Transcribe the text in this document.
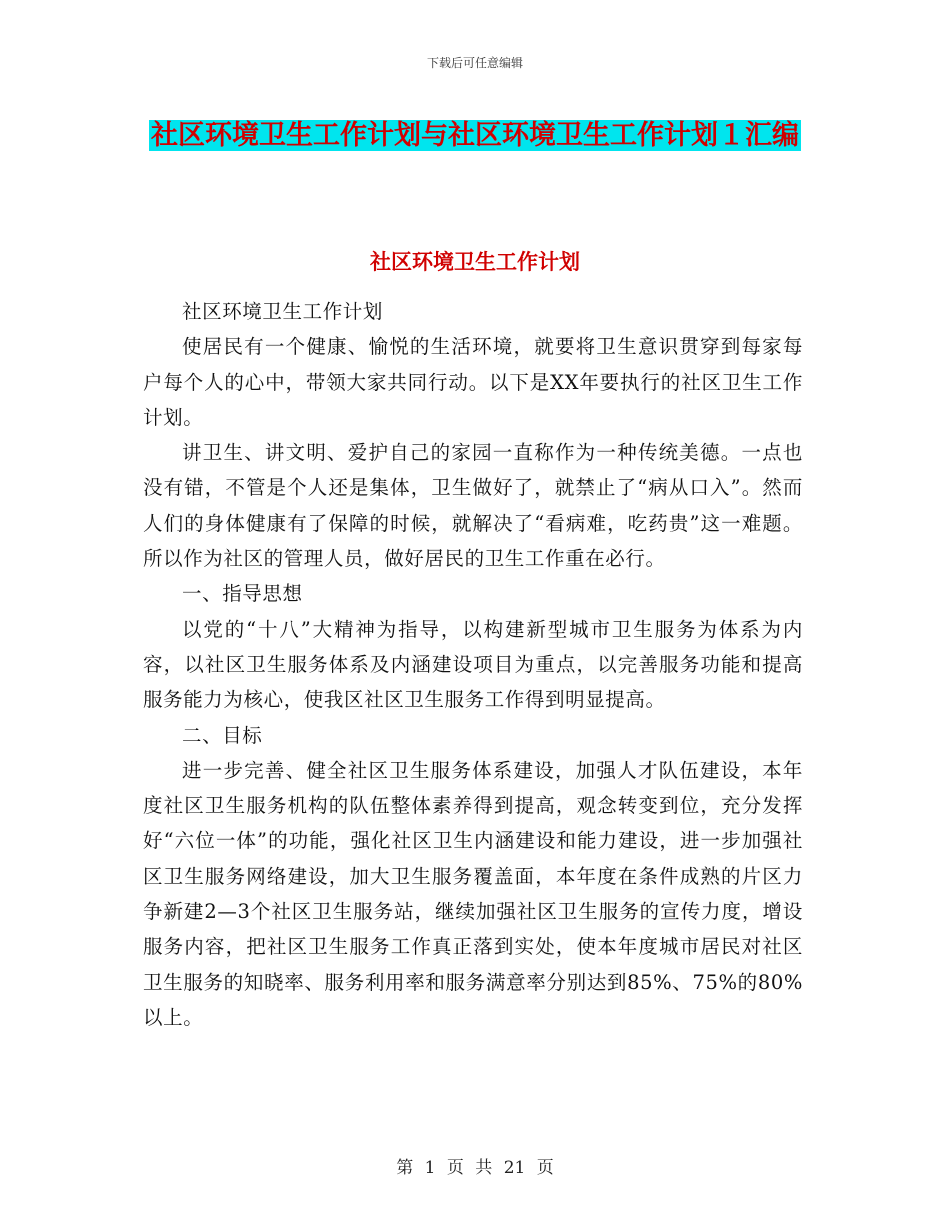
下载后可任意编辑
社区环境卫生工作计划与社区环境卫生工作计划１汇编
社区环境卫生工作计划

社区环境卫生工作计划

使居民有一个健康、愉悦的生活环境，就要将卫生意识贯穿到每家每户每个人的心中，带领大家共同行动。以下是XX年要执行的社区卫生工作计划。

讲卫生、讲文明、爱护自己的家园一直称作为一种传统美德。一点也没有错，不管是个人还是集体，卫生做好了，就禁止了“病从口入”。然而人们的身体健康有了保障的时候，就解决了“看病难，吃药贵”这一难题。所以作为社区的管理人员，做好居民的卫生工作重在必行。

一、指导思想

以党的“十八”大精神为指导，以构建新型城市卫生服务为体系为内容，以社区卫生服务体系及内涵建设项目为重点，以完善服务功能和提高服务能力为核心，使我区社区卫生服务工作得到明显提高。

二、目标

进一步完善、健全社区卫生服务体系建设，加强人才队伍建设，本年度社区卫生服务机构的队伍整体素养得到提高，观念转变到位，充分发挥好“六位一体”的功能，强化社区卫生内涵建设和能力建设，进一步加强社区卫生服务网络建设，加大卫生服务覆盖面，本年度在条件成熟的片区力争新建2—3个社区卫生服务站，继续加强社区卫生服务的宣传力度，增设服务内容，把社区卫生服务工作真正落到实处，使本年度城市居民对社区卫生服务的知晓率、服务利用率和服务满意率分别达到85%、75%的80%以上。

第 1 页 共 21 页
